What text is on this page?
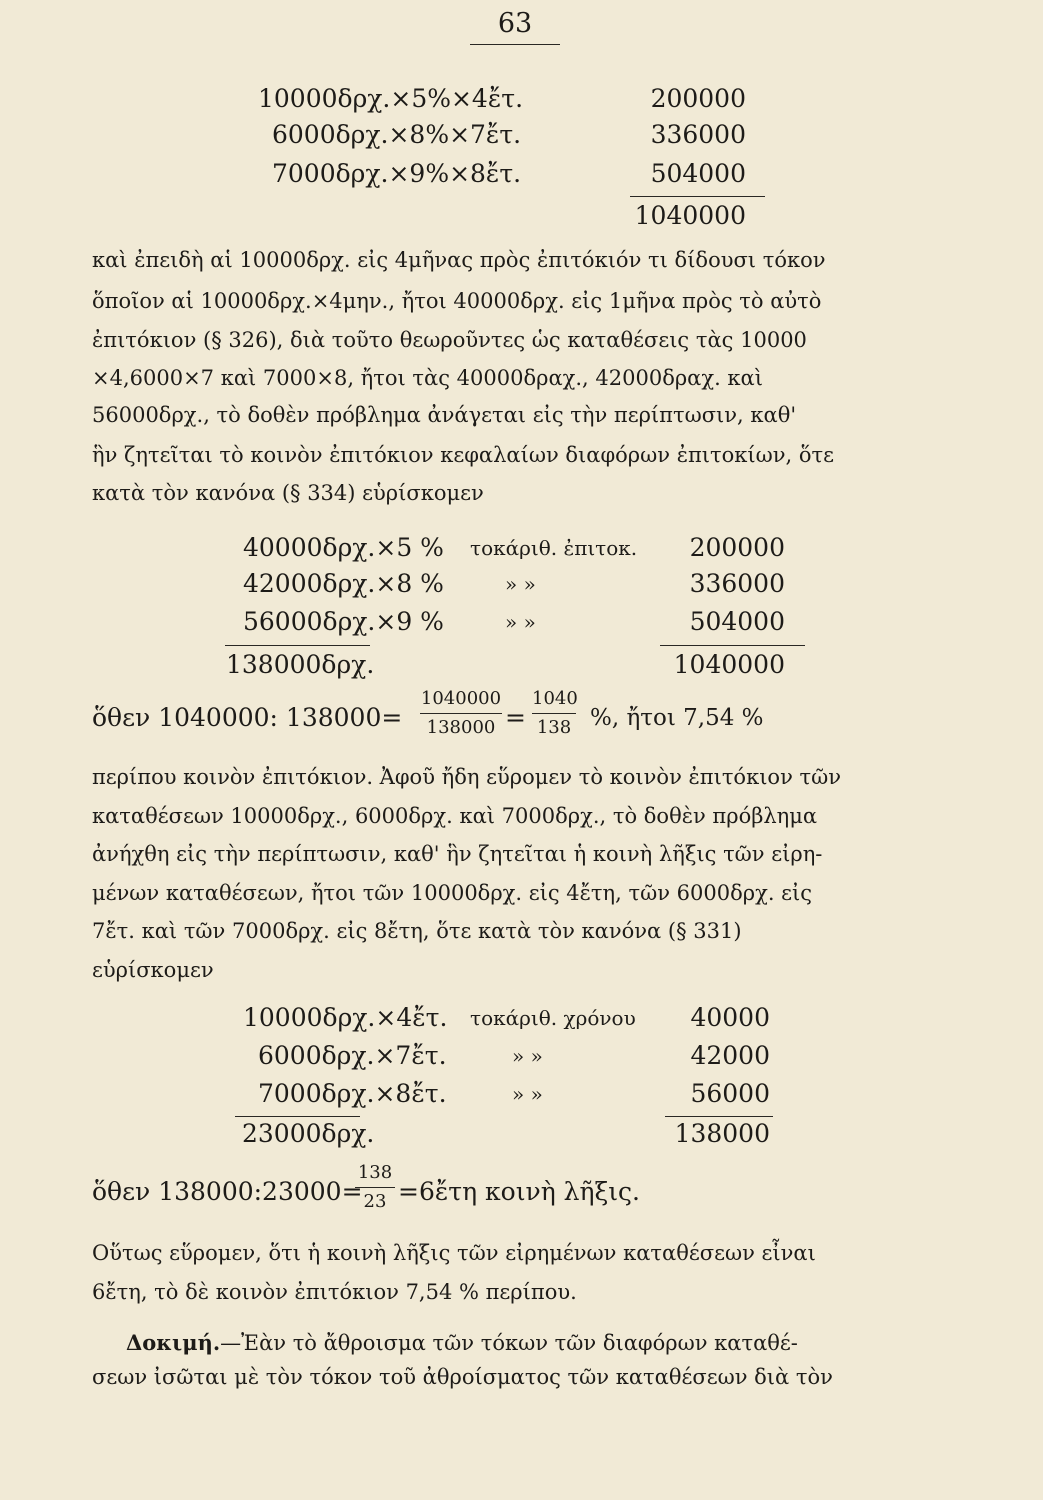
63
10000δρχ.×5%×4ἔτ.	200000
6000δρχ.×8%×7ἔτ.	336000
7000δρχ.×9%×8ἔτ.	504000
1040000
καὶ ἐπειδὴ αἱ 10000δρχ. εἰς 4μῆνας πρὸς ἐπιτόκιόν τι δίδουσι τόκον
ὅποῖον αἱ 10000δρχ.×4μην., ἤτοι 40000δρχ. εἰς 1μῆνα πρὸς τὸ αὐτὸ
ἐπιτόκιον (§ 326), διὰ τοῦτο θεωροῦντες ὡς καταθέσεις τὰς 10000
×4,6000×7 καὶ 7000×8, ἤτοι τὰς 40000δραχ., 42000δραχ. καὶ
56000δρχ., τὸ δοθὲν πρόβλημα ἀνάγεται εἰς τὴν περίπτωσιν, καθ'
ἣν ζητεῖται τὸ κοινὸν ἐπιτόκιον κεφαλαίων διαφόρων ἐπιτοκίων, ὅτε
κατὰ τὸν κανόνα (§ 334) εὑρίσκομεν
40000δρχ.×5 % τοκάριθ. ἐπιτοκ. 200000
42000δρχ.×8 %	» »	336000
56000δρχ.×9 %	» »	504000
138000δρχ.	1040000
ὅθεν 1040000: 138000=
1040000
138000 =
1040
138 %, ἤτοι 7,54 %
περίπου κοινὸν ἐπιτόκιον. Ἀφοῦ ἤδη εὕρομεν τὸ κοινὸν ἐπιτόκιον τῶν
καταθέσεων 10000δρχ., 6000δρχ. καὶ 7000δρχ., τὸ δοθὲν πρόβλημα
ἀνήχθη εἰς τὴν περίπτωσιν, καθ' ἣν ζητεῖται ἡ κοινὴ λῆξις τῶν εἰρη-
μένων καταθέσεων, ἤτοι τῶν 10000δρχ. εἰς 4ἔτη, τῶν 6000δρχ. εἰς
7ἔτ. καὶ τῶν 7000δρχ. εἰς 8ἔτη, ὅτε κατὰ τὸν κανόνα (§ 331)
εὑρίσκομεν
10000δρχ.×4ἔτ. τοκάριθ. χρόνου 40000
6000δρχ.×7ἔτ.	» »	42000
7000δρχ.×8ἔτ.	» »	56000
23000δρχ.	138000
ὅθεν 138000:23000=
138
23 =6ἔτη κοινὴ λῆξις.
Οὕτως εὕρομεν, ὅτι ἡ κοινὴ λῆξις τῶν εἰρημένων καταθέσεων εἶναι
6ἔτη, τὸ δὲ κοινὸν ἐπιτόκιον 7,54 % περίπου.
Δοκιμή.—Ἐὰν τὸ ἄθροισμα τῶν τόκων τῶν διαφόρων καταθέ-
σεων ἰσῶται μὲ τὸν τόκον τοῦ ἀθροίσματος τῶν καταθέσεων διὰ τὸν
